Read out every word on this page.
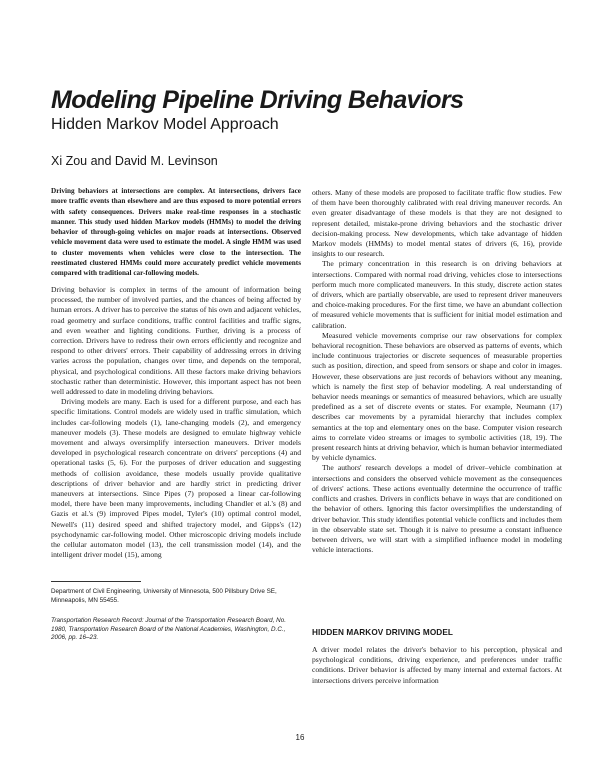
Modeling Pipeline Driving Behaviors
Hidden Markov Model Approach
Xi Zou and David M. Levinson
Driving behaviors at intersections are complex. At intersections, drivers face more traffic events than elsewhere and are thus exposed to more potential errors with safety consequences. Drivers make real-time responses in a stochastic manner. This study used hidden Markov models (HMMs) to model the driving behavior of through-going vehicles on major roads at intersections. Observed vehicle movement data were used to estimate the model. A single HMM was used to cluster movements when vehicles were close to the intersection. The reestimated clustered HMMs could more accurately predict vehicle movements compared with traditional car-following models.

Driving behavior is complex in terms of the amount of information being processed, the number of involved parties, and the chances of being affected by human errors. A driver has to perceive the status of his own and adjacent vehicles, road geometry and surface conditions, traffic control facilities and traffic signs, and even weather and lighting conditions. Further, driving is a process of correction. Drivers have to redress their own errors efficiently and recognize and respond to other drivers' errors. Their capability of addressing errors in driving varies across the population, changes over time, and depends on the temporal, physical, and psychological conditions. All these factors make driving behaviors stochastic rather than deterministic. However, this important aspect has not been well addressed to date in modeling driving behaviors.

Driving models are many. Each is used for a different purpose, and each has specific limitations. Control models are widely used in traffic simulation, which includes car-following models (1), lane-changing models (2), and emergency maneuver models (3). These models are designed to emulate highway vehicle movement and always oversimplify intersection maneuvers. Driver models developed in psychological research concentrate on drivers' perceptions (4) and operational tasks (5, 6). For the purposes of driver education and suggesting methods of collision avoidance, these models usually provide qualitative descriptions of driver behavior and are hardly strict in predicting driver maneuvers at intersections. Since Pipes (7) proposed a linear car-following model, there have been many improvements, including Chandler et al.'s (8) and Gazis et al.'s (9) improved Pipes model, Tyler's (10) optimal control model, Newell's (11) desired speed and shifted trajectory model, and Gipps's (12) psychodynamic car-following model. Other microscopic driving models include the cellular automaton model (13), the cell transmission model (14), and the intelligent driver model (15), among

Department of Civil Engineering, University of Minnesota, 500 Pillsbury Drive SE, Minneapolis, MN 55455.
Transportation Research Record: Journal of the Transportation Research Board, No. 1980, Transportation Research Board of the National Academies, Washington, D.C., 2006, pp. 16–23.

others. Many of these models are proposed to facilitate traffic flow studies. Few of them have been thoroughly calibrated with real driving maneuver records. An even greater disadvantage of these models is that they are not designed to represent detailed, mistake-prone driving behaviors and the stochastic driver decision-making process. New developments, which take advantage of hidden Markov models (HMMs) to model mental states of drivers (6, 16), provide insights to our research.

The primary concentration in this research is on driving behaviors at intersections. Compared with normal road driving, vehicles close to intersections perform much more complicated maneuvers. In this study, discrete action states of drivers, which are partially observable, are used to represent driver maneuvers and choice-making procedures. For the first time, we have an abundant collection of measured vehicle movements that is sufficient for initial model estimation and calibration.

Measured vehicle movements comprise our raw observations for complex behavioral recognition. These behaviors are observed as patterns of events, which include continuous trajectories or discrete sequences of measurable properties such as position, direction, and speed from sensors or shape and color in images. However, these observations are just records of behaviors without any meaning, which is namely the first step of behavior modeling. A real understanding of behavior needs meanings or semantics of measured behaviors, which are usually predefined as a set of discrete events or states. For example, Neumann (17) describes car movements by a pyramidal hierarchy that includes complex semantics at the top and elementary ones on the base. Computer vision research aims to correlate video streams or images to symbolic activities (18, 19). The present research hints at driving behavior, which is human behavior intermediated by vehicle dynamics.

The authors' research develops a model of driver–vehicle combination at intersections and considers the observed vehicle movement as the consequences of drivers' actions. These actions eventually determine the occurrence of traffic conflicts and crashes. Drivers in conflicts behave in ways that are conditioned on the behavior of others. Ignoring this factor oversimplifies the understanding of driver behavior. This study identifies potential vehicle conflicts and includes them in the observable state set. Though it is naive to presume a constant influence between drivers, we will start with a simplified influence model in modeling vehicle interactions.

HIDDEN MARKOV DRIVING MODEL

A driver model relates the driver's behavior to his perception, physical and psychological conditions, driving experience, and preferences under traffic conditions. Driver behavior is affected by many internal and external factors. At intersections drivers perceive information

16
